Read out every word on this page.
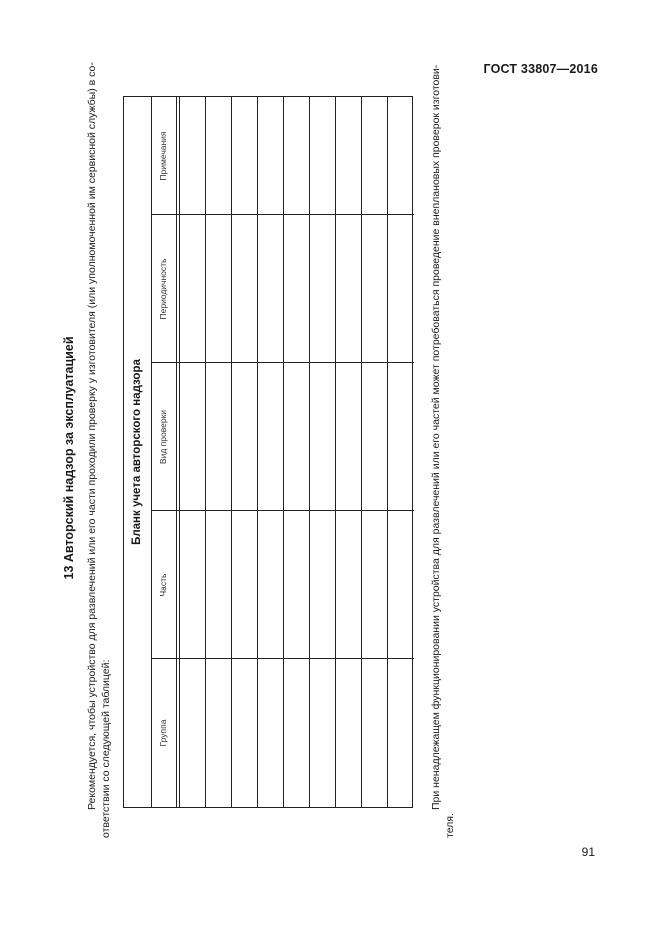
ГОСТ 33807—2016
13 Авторский надзор за эксплуатацией Рекомендуется, чтобы устройство для развлечений или его части проходили проверку у изготовителя (или уполномоченной им сервисной службы) в со- ответствии со следующей таблицей:
Бланк учета авторского надзора
Группа
Часть
Вид проверки
Периодичность
Примечания	При ненадлежащем функционировании устройства для развлечений или его частей может потребоваться проведение внеплановых проверок изготови-
теля.
91
